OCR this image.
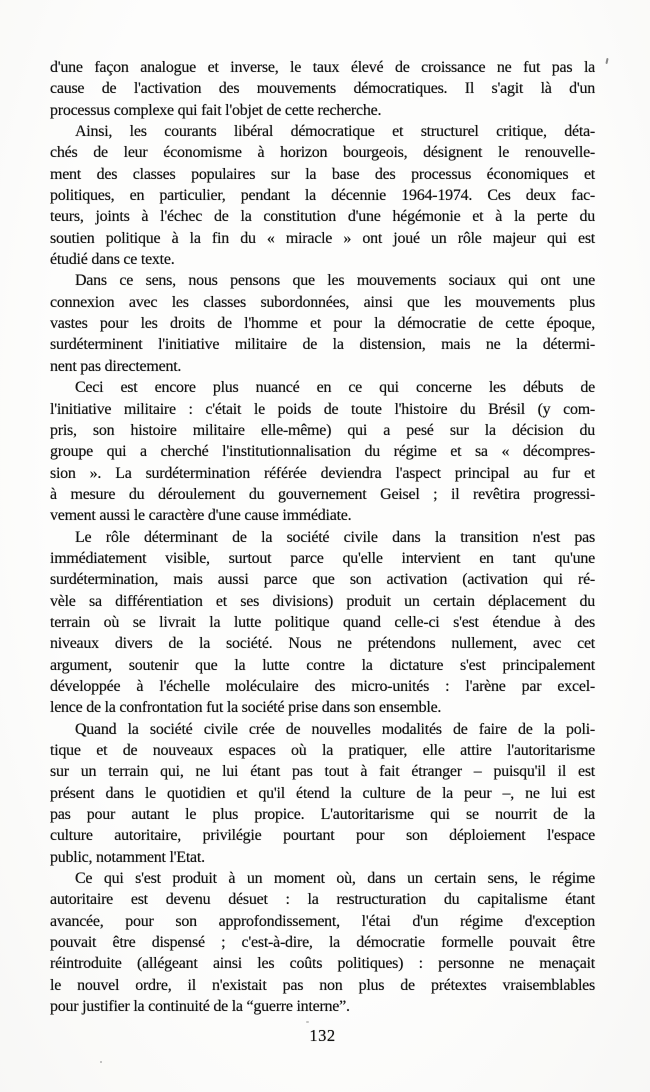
d'une façon analogue et inverse, le taux élevé de croissance ne fut pas la
cause de l'activation des mouvements démocratiques. Il s'agit là d'un
processus complexe qui fait l'objet de cette recherche.
Ainsi, les courants libéral démocratique et structurel critique, déta-
chés de leur économisme à horizon bourgeois, désignent le renouvelle-
ment des classes populaires sur la base des processus économiques et
politiques, en particulier, pendant la décennie 1964-1974. Ces deux fac-
teurs, joints à l'échec de la constitution d'une hégémonie et à la perte du
soutien politique à la fin du « miracle » ont joué un rôle majeur qui est
étudié dans ce texte.
Dans ce sens, nous pensons que les mouvements sociaux qui ont une
connexion avec les classes subordonnées, ainsi que les mouvements plus
vastes pour les droits de l'homme et pour la démocratie de cette époque,
surdéterminent l'initiative militaire de la distension, mais ne la détermi-
nent pas directement.
Ceci est encore plus nuancé en ce qui concerne les débuts de
l'initiative militaire : c'était le poids de toute l'histoire du Brésil (y com-
pris, son histoire militaire elle-même) qui a pesé sur la décision du
groupe qui a cherché l'institutionnalisation du régime et sa « décompres-
sion ». La surdétermination référée deviendra l'aspect principal au fur et
à mesure du déroulement du gouvernement Geisel ; il revêtira progressi-
vement aussi le caractère d'une cause immédiate.
Le rôle déterminant de la société civile dans la transition n'est pas
immédiatement visible, surtout parce qu'elle intervient en tant qu'une
surdétermination, mais aussi parce que son activation (activation qui ré-
vèle sa différentiation et ses divisions) produit un certain déplacement du
terrain où se livrait la lutte politique quand celle-ci s'est étendue à des
niveaux divers de la société. Nous ne prétendons nullement, avec cet
argument, soutenir que la lutte contre la dictature s'est principalement
développée à l'échelle moléculaire des micro-unités : l'arène par excel-
lence de la confrontation fut la société prise dans son ensemble.
Quand la société civile crée de nouvelles modalités de faire de la poli-
tique et de nouveaux espaces où la pratiquer, elle attire l'autoritarisme
sur un terrain qui, ne lui étant pas tout à fait étranger – puisqu'il il est
présent dans le quotidien et qu'il étend la culture de la peur –, ne lui est
pas pour autant le plus propice. L'autoritarisme qui se nourrit de la
culture autoritaire, privilégie pourtant pour son déploiement l'espace
public, notamment l'Etat.
Ce qui s'est produit à un moment où, dans un certain sens, le régime
autoritaire est devenu désuet : la restructuration du capitalisme étant
avancée, pour son approfondissement, l'étai d'un régime d'exception
pouvait être dispensé ; c'est-à-dire, la démocratie formelle pouvait être
réintroduite (allégeant ainsi les coûts politiques) : personne ne menaçait
le nouvel ordre, il n'existait pas non plus de prétextes vraisemblables
pour justifier la continuité de la “guerre interne”.
132
